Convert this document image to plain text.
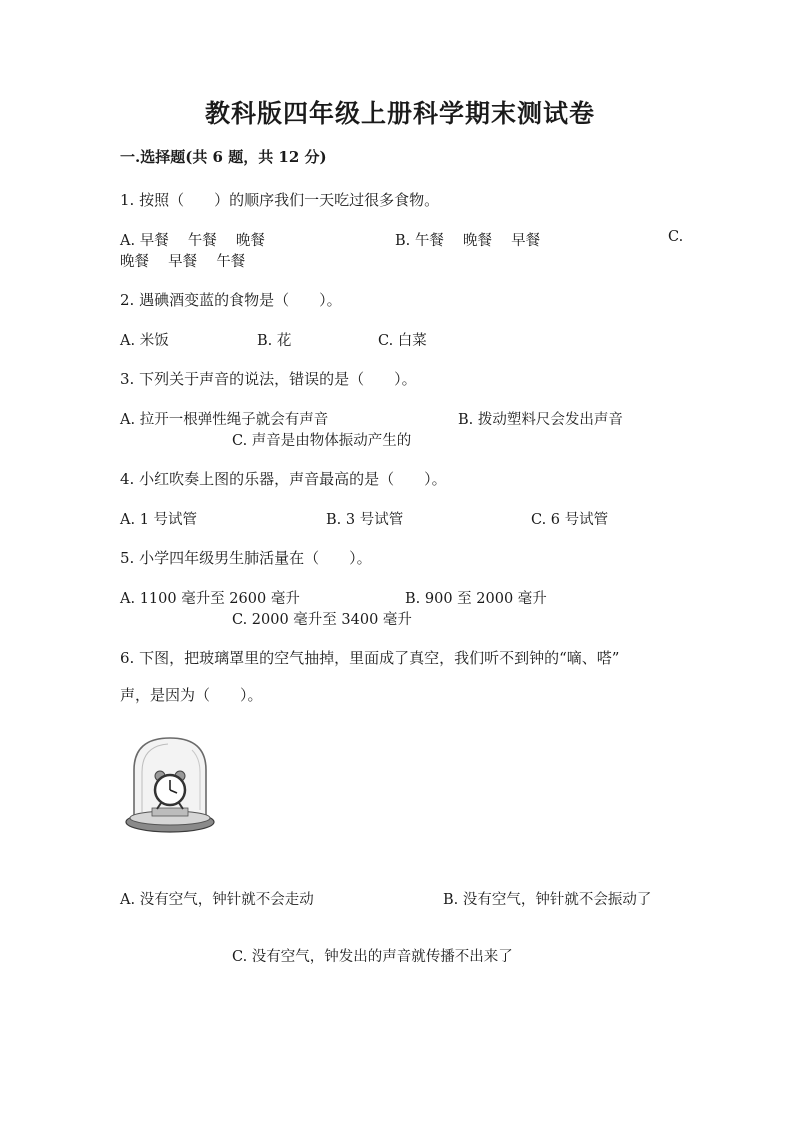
教科版四年级上册科学期末测试卷
一.选择题(共 6 题，共 12 分)
1. 按照（　　）的顺序我们一天吃过很多食物。
A. 早餐　 午餐　 晚餐	B. 午餐　 晚餐　 早餐	C.
晚餐　 早餐　 午餐
2. 遇碘酒变蓝的食物是（　　）。
A. 米饭	B. 花	C. 白菜
3. 下列关于声音的说法，错误的是（　　）。
A. 拉开一根弹性绳子就会有声音	B. 拨动塑料尺会发出声音
C. 声音是由物体振动产生的
4. 小红吹奏上图的乐器，声音最高的是（　　）。
A. 1 号试管	B. 3 号试管	C. 6 号试管
5. 小学四年级男生肺活量在（　　）。
A. 1100 毫升至 2600 毫升	B. 900 至 2000 毫升
C. 2000 毫升至 3400 毫升
6. 下图，把玻璃罩里的空气抽掉，里面成了真空，我们听不到钟的“嘀、嗒”
声，是因为（　　）。
A. 没有空气，钟针就不会走动	B. 没有空气，钟针就不会振动了
C. 没有空气，钟发出的声音就传播不出来了
